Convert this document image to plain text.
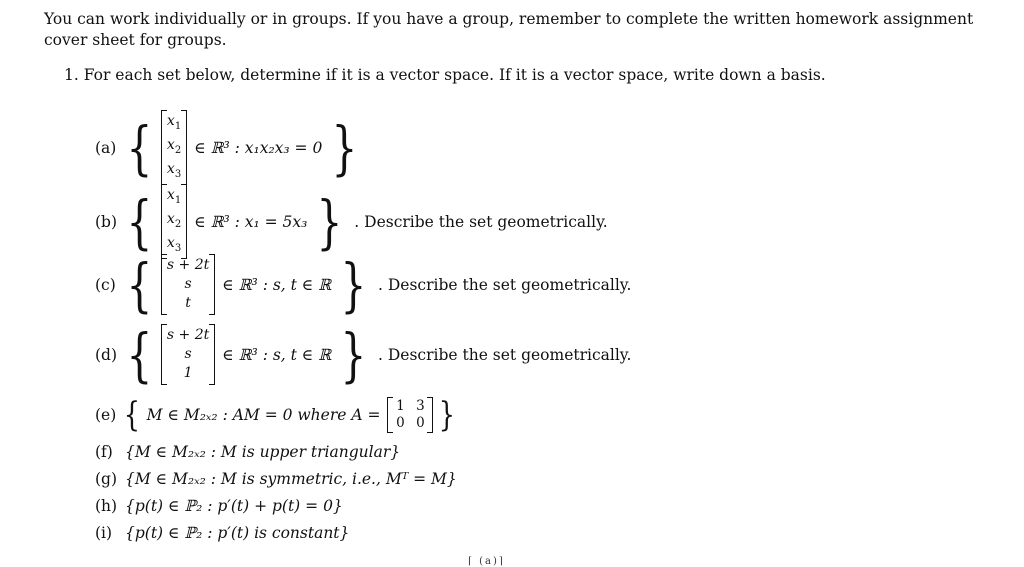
You can work individually or in groups. If you have a group, remember to complete the written homework assignment cover sheet for groups.
1. For each set below, determine if it is a vector space. If it is a vector space, write down a basis.
(a) { $x_1$
$x_2$
$x_3$
∈ ℝ³ : x₁x₂x₃ = 0 }
(b) { $x_1$
$x_2$
$x_3$
∈ ℝ³ : x₁ = 5x₃ } . Describe the set geometrically.
(c) { s + 2t
s
t
∈ ℝ³ : s, t ∈ ℝ } . Describe the set geometrically.
(d) { s + 2t
s
1
∈ ℝ³ : s, t ∈ ℝ } . Describe the set geometrically.
(e) { M ∈ M₂ₓ₂ : AM = 0 where A = 1 3
0 0 }
(f) {M ∈ M₂ₓ₂ : M is upper triangular}
(g) {M ∈ M₂ₓ₂ : M is symmetric, i.e., Mᵀ = M}
(h) {p(t) ∈ ℙ₂ : p′(t) + p(t) = 0}
(i) {p(t) ∈ ℙ₂ : p′(t) is constant}
⌈ (a)⌉
